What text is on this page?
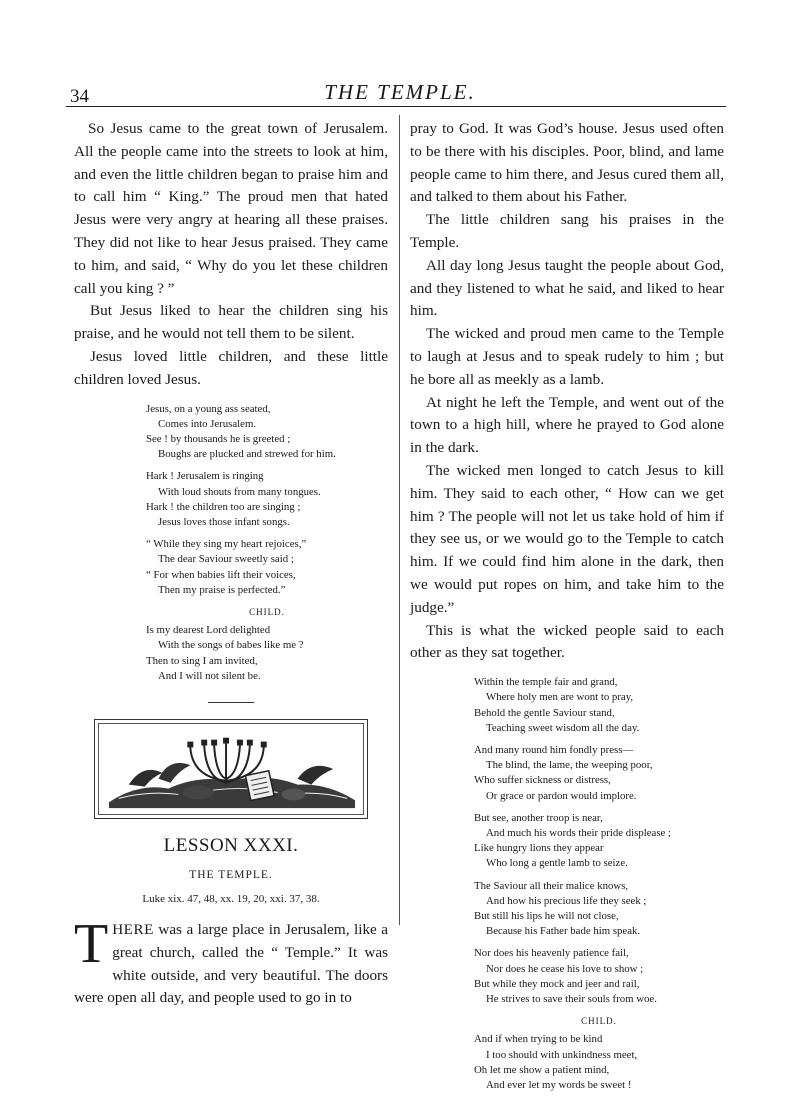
34	THE TEMPLE.

So Jesus came to the great town of Jerusalem. All the people came into the streets to look at him, and even the little children began to praise him and to call him “ King.” The proud men that hated Jesus were very angry at hearing all these praises. They did not like to hear Jesus praised. They came to him, and said, “ Why do you let these children call you king ? ”

But Jesus liked to hear the children sing his praise, and he would not tell them to be silent.

Jesus loved little children, and these little children loved Jesus.

Jesus, on a young ass seated,
Comes into Jerusalem.
See ! by thousands he is greeted ;
Boughs are plucked and strewed for him.
Hark ! Jerusalem is ringing
With loud shouts from many tongues.
Hark ! the children too are singing ;
Jesus loves those infant songs.
“ While they sing my heart rejoices,”
The dear Saviour sweetly said ;
“ For when babies lift their voices,
Then my praise is perfected.”
CHILD.
Is my dearest Lord delighted
With the songs of babes like me ?
Then to sing I am invited,
And I will not silent be.
LESSON XXXI.
THE TEMPLE.
Luke xix. 47, 48, xx. 19, 20, xxi. 37, 38.

THERE was a large place in Jerusalem, like a great church, called the “ Temple.” It was white outside, and very beautiful. The doors were open all day, and people used to go in to

pray to God. It was God’s house. Jesus used often to be there with his disciples. Poor, blind, and lame people came to him there, and Jesus cured them all, and talked to them about his Father.

The little children sang his praises in the Temple.

All day long Jesus taught the people about God, and they listened to what he said, and liked to hear him.

The wicked and proud men came to the Temple to laugh at Jesus and to speak rudely to him ; but he bore all as meekly as a lamb.

At night he left the Temple, and went out of the town to a high hill, where he prayed to God alone in the dark.

The wicked men longed to catch Jesus to kill him. They said to each other, “ How can we get him ? The people will not let us take hold of him if they see us, or we would go to the Temple to catch him. If we could find him alone in the dark, then we would put ropes on him, and take him to the judge.”

This is what the wicked people said to each other as they sat together.

Within the temple fair and grand,
Where holy men are wont to pray,
Behold the gentle Saviour stand,
Teaching sweet wisdom all the day.
And many round him fondly press—
The blind, the lame, the weeping poor,
Who suffer sickness or distress,
Or grace or pardon would implore.
But see, another troop is near,
And much his words their pride displease ;
Like hungry lions they appear
Who long a gentle lamb to seize.
The Saviour all their malice knows,
And how his precious life they seek ;
But still his lips he will not close,
Because his Father bade him speak.
Nor does his heavenly patience fail,
Nor does he cease his love to show ;
But while they mock and jeer and rail,
He strives to save their souls from woe.
CHILD.
And if when trying to be kind
I too should with unkindness meet,
Oh let me show a patient mind,
And ever let my words be sweet !
